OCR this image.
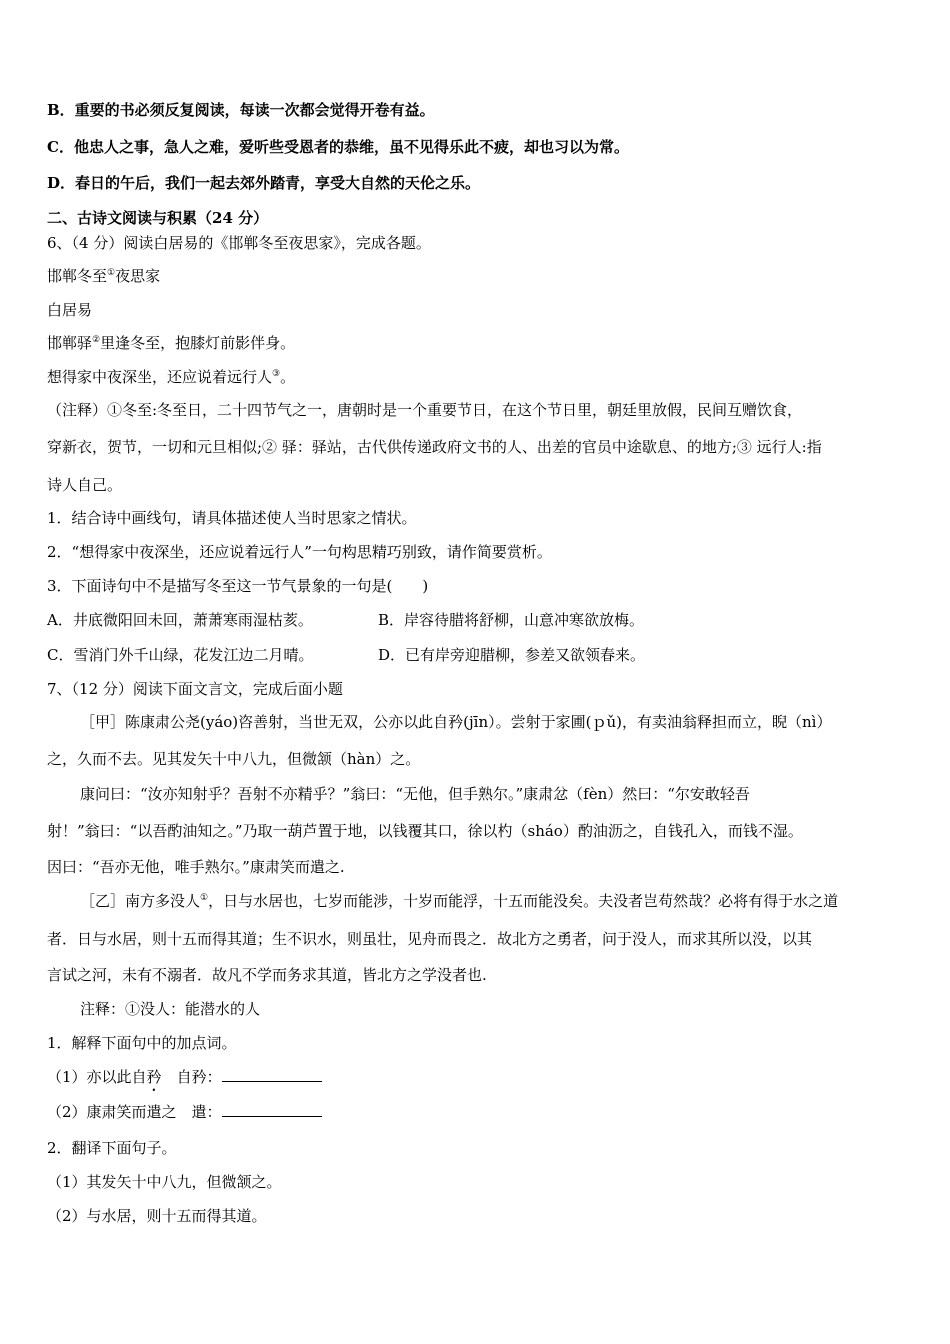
B．重要的书必须反复阅读，每读一次都会觉得开卷有益。
C．他忠人之事，急人之难，爱听些受恩者的恭维，虽不见得乐此不疲，却也习以为常。
D．春日的午后，我们一起去郊外踏青，享受大自然的天伦之乐。
二、古诗文阅读与积累（24 分）
6、（4 分）阅读白居易的《邯郸冬至夜思家》，完成各题。
邯郸冬至①夜思家
白居易
邯郸驿②里逢冬至，抱膝灯前影伴身。
想得家中夜深坐，还应说着远行人③。
（注释）①冬至:冬至日，二十四节气之一，唐朝时是一个重要节日，在这个节日里，朝廷里放假，民间互赠饮食，
穿新衣，贺节，一切和元旦相似;② 驿：驿站，古代供传递政府文书的人、出差的官员中途歇息、的地方;③ 远行人:指
诗人自己。
1．结合诗中画线句，请具体描述使人当时思家之情状。
2．“想得家中夜深坐，还应说着远行人”一句构思精巧别致，请作简要赏析。
3．下面诗句中不是描写冬至这一节气景象的一句是(　　)
A．井底微阳回未回，萧萧寒雨湿枯荄。	B．岸容待腊将舒柳，山意冲寒欲放梅。
C．雪消门外千山绿，花发江边二月晴。	D．已有岸旁迎腊柳，参差又欲领春来。
7、（12 分）阅读下面文言文，完成后面小题
［甲］陈康肃公尧(yáo)咨善射，当世无双，公亦以此自矜(jīn）。尝射于家圃(ｐǔ)，有卖油翁释担而立，睨（nì）
之，久而不去。见其发矢十中八九，但微颔（hàn）之。
康问曰：“汝亦知射乎？吾射不亦精乎？”翁曰：“无他，但手熟尔。”康肃忿（fèn）然曰：“尔安敢轻吾
射！”翁曰：“以吾酌油知之。”乃取一葫芦置于地，以钱覆其口，徐以杓（sháo）酌油沥之，自钱孔入，而钱不湿。
因曰：“吾亦无他，唯手熟尔。”康肃笑而遣之.
［乙］南方多没人①，日与水居也，七岁而能涉，十岁而能浮，十五而能没矣。夫没者岂苟然哉？必将有得于水之道
者．日与水居，则十五而得其道；生不识水，则虽壮，见舟而畏之．故北方之勇者，问于没人，而求其所以没，以其
言试之河，未有不溺者．故凡不学而务求其道，皆北方之学没者也.
注释：①没人：能潜水的人
1．解释下面句中的加点词。
（1）亦以此自矜　自矜：
（2）康肃笑而遣之　遣：
2．翻译下面句子。
（1）其发矢十中八九，但微颔之。
（2）与水居，则十五而得其道。
